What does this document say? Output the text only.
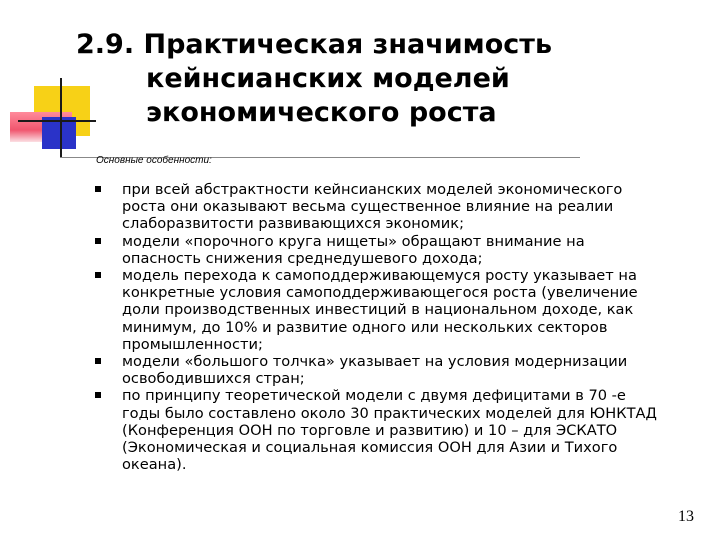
2.9. Практическая значимость
кейнсианских моделей
экономического роста
Основные особенности:
при всей абстрактности кейнсианских моделей экономического роста они оказывают весьма существенное влияние на реалии слаборазвитости развивающихся экономик;
модели «порочного круга нищеты» обращают внимание на опасность снижения среднедушевого дохода;
модель перехода к самоподдерживающемуся росту указывает на конкретные условия самоподдерживающегося роста (увеличение доли производственных инвестиций в национальном доходе, как минимум, до 10% и развитие одного или нескольких секторов промышленности;
модели «большого толчка» указывает на условия модернизации освободившихся стран;
по принципу теоретической модели с двумя дефицитами в 70 -е годы было составлено около 30 практических моделей для ЮНКТАД (Конференция ООН по торговле и развитию) и 10 – для ЭСКАТО (Экономическая и социальная комиссия ООН для Азии и Тихого океана).
13
